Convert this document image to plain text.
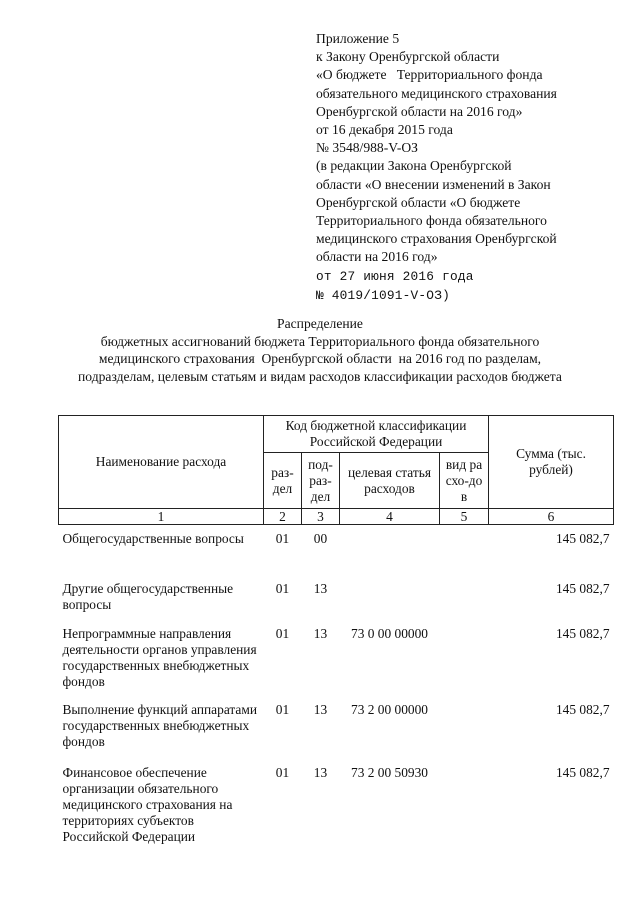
Приложение 5
к Закону Оренбургской области
«О бюджете   Территориального фонда
обязательного медицинского страхования
Оренбургской области на 2016 год»
от 16 декабря 2015 года
№ 3548/988-V-ОЗ
(в редакции Закона Оренбургской
области «О внесении изменений в Закон
Оренбургской области «О бюджете
Территориального фонда обязательного
медицинского страхования Оренбургской
области на 2016 год»
от 27 июня 2016 года
№ 4019/1091-V-ОЗ)
Распределение
бюджетных ассигнований бюджета Территориального фонда обязательного медицинского страхования  Оренбургской области  на 2016 год по разделам, подразделам, целевым статьям и видам расходов классификации расходов бюджета
Наименование расхода	Код бюджетной классификации Российской Федерации				Сумма (тыс. рублей)
	раз-дел	под-раз-дел	целевая статья расходов	вид расхо-дов	
1	2	3	4	5	6
Общегосударственные вопросы	01	00			145 082,7
Другие общегосударственные вопросы	01	13			145 082,7
Непрограммные направления деятельности органов управления государственных внебюджетных фондов	01	13	73 0 00 00000		145 082,7
Выполнение функций аппаратами государственных внебюджетных фондов	01	13	73 2 00 00000		145 082,7
Финансовое обеспечение организации обязательного медицинского страхования на территориях субъектов Российской Федерации	01	13	73 2 00 50930		145 082,7
